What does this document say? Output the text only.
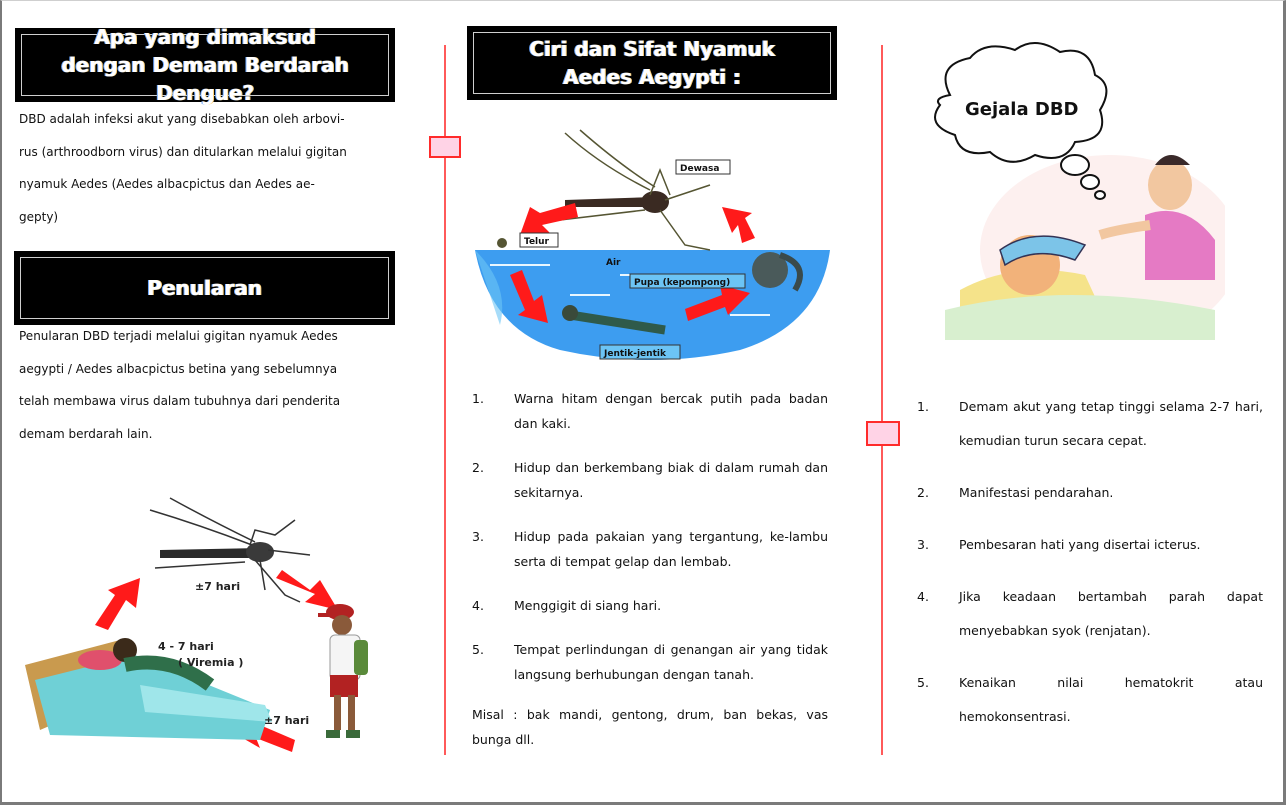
Apa yang dimaksud dengan Demam Berdarah Dengue?
DBD adalah infeksi akut yang disebabkan oleh arbovi-
rus (arthroodborn virus) dan ditularkan melalui gigitan
nyamuk Aedes (Aedes albacpictus dan Aedes ae-
gepty)
Penularan
Penularan DBD terjadi melalui gigitan nyamuk Aedes
aegypti / Aedes albacpictus betina yang sebelumnya
telah membawa virus dalam tubuhnya dari penderita
demam berdarah lain.
±7 hari
4 - 7 hari
( Viremia )
±7 hari
Ciri dan Sifat Nyamuk Aedes Aegypti :
Dewasa
Telur
Air
Pupa (kepompong)
Jentik-jentik
1.	Warna hitam dengan bercak putih pada badan dan kaki.
2.	Hidup dan berkembang biak di dalam rumah dan sekitarnya.
3.	Hidup pada pakaian yang tergantung, ke-lambu serta di tempat gelap dan lembab.
4.	Menggigit di siang hari.
5.	Tempat perlindungan di genangan air yang tidak langsung berhubungan dengan tanah.
Misal : bak mandi, gentong, drum, ban bekas, vas bunga dll.
Gejala DBD
1.	Demam akut yang tetap tinggi selama 2-7 hari, kemudian turun secara cepat.
2.	Manifestasi pendarahan.
3.	Pembesaran hati yang disertai icterus.
4.	Jika keadaan bertambah parah dapat menyebabkan syok (renjatan).
5.	Kenaikan nilai hematokrit atau hemokonsentrasi.
